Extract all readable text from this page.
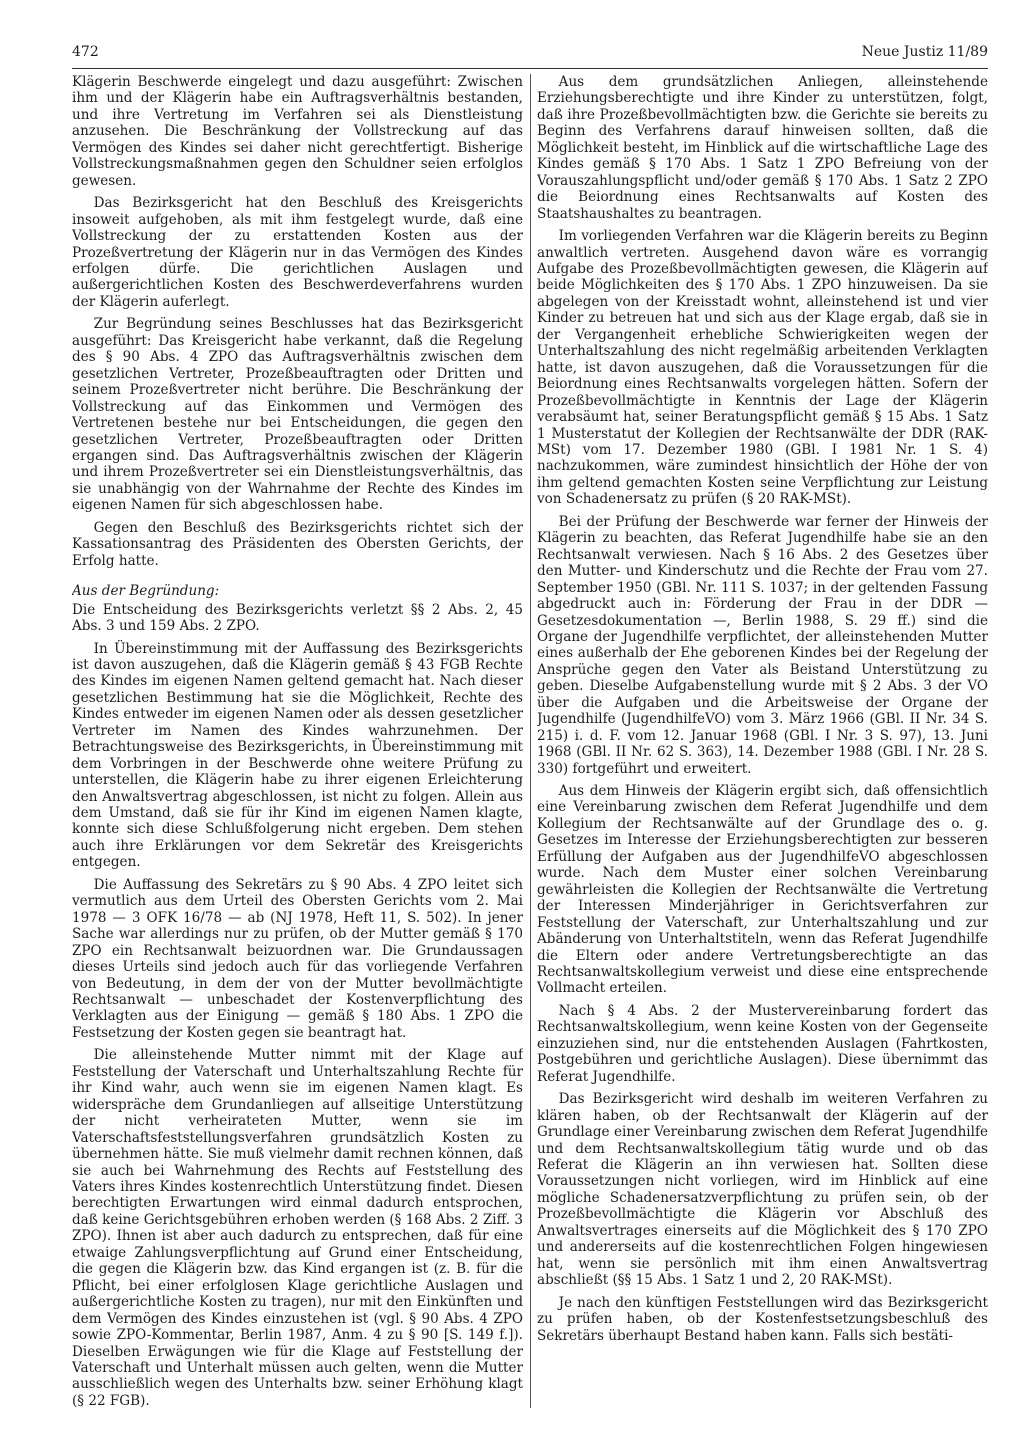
472	Neue Justiz 11/89

Klägerin Beschwerde eingelegt und dazu ausgeführt: Zwischen ihm und der Klägerin habe ein Auftragsverhältnis bestanden, und ihre Vertretung im Verfahren sei als Dienstleistung anzusehen. Die Beschränkung der Vollstreckung auf das Vermögen des Kindes sei daher nicht gerechtfertigt. Bisherige Vollstreckungsmaßnahmen gegen den Schuldner seien erfolglos gewesen.

Das Bezirksgericht hat den Beschluß des Kreisgerichts insoweit aufgehoben, als mit ihm festgelegt wurde, daß eine Vollstreckung der zu erstattenden Kosten aus der Prozeßvertretung der Klägerin nur in das Vermögen des Kindes erfolgen dürfe. Die gerichtlichen Auslagen und außergerichtlichen Kosten des Beschwerdeverfahrens wurden der Klägerin auferlegt.

Zur Begründung seines Beschlusses hat das Bezirksgericht ausgeführt: Das Kreisgericht habe verkannt, daß die Regelung des § 90 Abs. 4 ZPO das Auftragsverhältnis zwischen dem gesetzlichen Vertreter, Prozeßbeauftragten oder Dritten und seinem Prozeßvertreter nicht berühre. Die Beschränkung der Vollstreckung auf das Einkommen und Vermögen des Vertretenen bestehe nur bei Entscheidungen, die gegen den gesetzlichen Vertreter, Prozeßbeauftragten oder Dritten ergangen sind. Das Auftragsverhältnis zwischen der Klägerin und ihrem Prozeßvertreter sei ein Dienstleistungsverhältnis, das sie unabhängig von der Wahrnahme der Rechte des Kindes im eigenen Namen für sich abgeschlossen habe.

Gegen den Beschluß des Bezirksgerichts richtet sich der Kassationsantrag des Präsidenten des Obersten Gerichts, der Erfolg hatte.

Aus der Begründung:

Die Entscheidung des Bezirksgerichts verletzt §§ 2 Abs. 2, 45 Abs. 3 und 159 Abs. 2 ZPO.

In Übereinstimmung mit der Auffassung des Bezirksgerichts ist davon auszugehen, daß die Klägerin gemäß § 43 FGB Rechte des Kindes im eigenen Namen geltend gemacht hat. Nach dieser gesetzlichen Bestimmung hat sie die Möglichkeit, Rechte des Kindes entweder im eigenen Namen oder als dessen gesetzlicher Vertreter im Namen des Kindes wahrzunehmen. Der Betrachtungsweise des Bezirksgerichts, in Übereinstimmung mit dem Vorbringen in der Beschwerde ohne weitere Prüfung zu unterstellen, die Klägerin habe zu ihrer eigenen Erleichterung den Anwaltsvertrag abgeschlossen, ist nicht zu folgen. Allein aus dem Umstand, daß sie für ihr Kind im eigenen Namen klagte, konnte sich diese Schlußfolgerung nicht ergeben. Dem stehen auch ihre Erklärungen vor dem Sekretär des Kreisgerichts entgegen.

Die Auffassung des Sekretärs zu § 90 Abs. 4 ZPO leitet sich vermutlich aus dem Urteil des Obersten Gerichts vom 2. Mai 1978 — 3 OFK 16/78 — ab (NJ 1978, Heft 11, S. 502). In jener Sache war allerdings nur zu prüfen, ob der Mutter gemäß § 170 ZPO ein Rechtsanwalt beizuordnen war. Die Grundaussagen dieses Urteils sind jedoch auch für das vorliegende Verfahren von Bedeutung, in dem der von der Mutter bevollmächtigte Rechtsanwalt — unbeschadet der Kostenverpflichtung des Verklagten aus der Einigung — gemäß § 180 Abs. 1 ZPO die Festsetzung der Kosten gegen sie beantragt hat.

Die alleinstehende Mutter nimmt mit der Klage auf Feststellung der Vaterschaft und Unterhaltszahlung Rechte für ihr Kind wahr, auch wenn sie im eigenen Namen klagt. Es widerspräche dem Grundanliegen auf allseitige Unterstützung der nicht verheirateten Mutter, wenn sie im Vaterschaftsfeststellungsverfahren grundsätzlich Kosten zu übernehmen hätte. Sie muß vielmehr damit rechnen können, daß sie auch bei Wahrnehmung des Rechts auf Feststellung des Vaters ihres Kindes kostenrechtlich Unterstützung findet. Diesen berechtigten Erwartungen wird einmal dadurch entsprochen, daß keine Gerichtsgebühren erhoben werden (§ 168 Abs. 2 Ziff. 3 ZPO). Ihnen ist aber auch dadurch zu entsprechen, daß für eine etwaige Zahlungsverpflichtung auf Grund einer Entscheidung, die gegen die Klägerin bzw. das Kind ergangen ist (z. B. für die Pflicht, bei einer erfolglosen Klage gerichtliche Auslagen und außergerichtliche Kosten zu tragen), nur mit den Einkünften und dem Vermögen des Kindes einzustehen ist (vgl. § 90 Abs. 4 ZPO sowie ZPO-Kommentar, Berlin 1987, Anm. 4 zu § 90 [S. 149 f.]). Dieselben Erwägungen wie für die Klage auf Feststellung der Vaterschaft und Unterhalt müssen auch gelten, wenn die Mutter ausschließlich wegen des Unterhalts bzw. seiner Erhöhung klagt (§ 22 FGB).

Aus dem grundsätzlichen Anliegen, alleinstehende Erziehungsberechtigte und ihre Kinder zu unterstützen, folgt, daß ihre Prozeßbevollmächtigten bzw. die Gerichte sie bereits zu Beginn des Verfahrens darauf hinweisen sollten, daß die Möglichkeit besteht, im Hinblick auf die wirtschaftliche Lage des Kindes gemäß § 170 Abs. 1 Satz 1 ZPO Befreiung von der Vorauszahlungspflicht und/oder gemäß § 170 Abs. 1 Satz 2 ZPO die Beiordnung eines Rechtsanwalts auf Kosten des Staatshaushaltes zu beantragen.

Im vorliegenden Verfahren war die Klägerin bereits zu Beginn anwaltlich vertreten. Ausgehend davon wäre es vorrangig Aufgabe des Prozeßbevollmächtigten gewesen, die Klägerin auf beide Möglichkeiten des § 170 Abs. 1 ZPO hinzuweisen. Da sie abgelegen von der Kreisstadt wohnt, alleinstehend ist und vier Kinder zu betreuen hat und sich aus der Klage ergab, daß sie in der Vergangenheit erhebliche Schwierigkeiten wegen der Unterhaltszahlung des nicht regelmäßig arbeitenden Verklagten hatte, ist davon auszugehen, daß die Voraussetzungen für die Beiordnung eines Rechtsanwalts vorgelegen hätten. Sofern der Prozeßbevollmächtigte in Kenntnis der Lage der Klägerin verabsäumt hat, seiner Beratungspflicht gemäß § 15 Abs. 1 Satz 1 Musterstatut der Kollegien der Rechtsanwälte der DDR (RAK-MSt) vom 17. Dezember 1980 (GBl. I 1981 Nr. 1 S. 4) nachzukommen, wäre zumindest hinsichtlich der Höhe der von ihm geltend gemachten Kosten seine Verpflichtung zur Leistung von Schadenersatz zu prüfen (§ 20 RAK-MSt).

Bei der Prüfung der Beschwerde war ferner der Hinweis der Klägerin zu beachten, das Referat Jugendhilfe habe sie an den Rechtsanwalt verwiesen. Nach § 16 Abs. 2 des Gesetzes über den Mutter- und Kinderschutz und die Rechte der Frau vom 27. September 1950 (GBl. Nr. 111 S. 1037; in der geltenden Fassung abgedruckt auch in: Förderung der Frau in der DDR — Gesetzesdokumentation —, Berlin 1988, S. 29 ff.) sind die Organe der Jugendhilfe verpflichtet, der alleinstehenden Mutter eines außerhalb der Ehe geborenen Kindes bei der Regelung der Ansprüche gegen den Vater als Beistand Unterstützung zu geben. Dieselbe Aufgabenstellung wurde mit § 2 Abs. 3 der VO über die Aufgaben und die Arbeitsweise der Organe der Jugendhilfe (JugendhilfeVO) vom 3. März 1966 (GBl. II Nr. 34 S. 215) i. d. F. vom 12. Januar 1968 (GBl. I Nr. 3 S. 97), 13. Juni 1968 (GBl. II Nr. 62 S. 363), 14. Dezember 1988 (GBl. I Nr. 28 S. 330) fortgeführt und erweitert.

Aus dem Hinweis der Klägerin ergibt sich, daß offensichtlich eine Vereinbarung zwischen dem Referat Jugendhilfe und dem Kollegium der Rechtsanwälte auf der Grundlage des o. g. Gesetzes im Interesse der Erziehungsberechtigten zur besseren Erfüllung der Aufgaben aus der JugendhilfeVO abgeschlossen wurde. Nach dem Muster einer solchen Vereinbarung gewährleisten die Kollegien der Rechtsanwälte die Vertretung der Interessen Minderjähriger in Gerichtsverfahren zur Feststellung der Vaterschaft, zur Unterhaltszahlung und zur Abänderung von Unterhaltstiteln, wenn das Referat Jugendhilfe die Eltern oder andere Vertretungsberechtigte an das Rechtsanwaltskollegium verweist und diese eine entsprechende Vollmacht erteilen.

Nach § 4 Abs. 2 der Mustervereinbarung fordert das Rechtsanwaltskollegium, wenn keine Kosten von der Gegenseite einzuziehen sind, nur die entstehenden Auslagen (Fahrtkosten, Postgebühren und gerichtliche Auslagen). Diese übernimmt das Referat Jugendhilfe.

Das Bezirksgericht wird deshalb im weiteren Verfahren zu klären haben, ob der Rechtsanwalt der Klägerin auf der Grundlage einer Vereinbarung zwischen dem Referat Jugendhilfe und dem Rechtsanwaltskollegium tätig wurde und ob das Referat die Klägerin an ihn verwiesen hat. Sollten diese Voraussetzungen nicht vorliegen, wird im Hinblick auf eine mögliche Schadenersatzverpflichtung zu prüfen sein, ob der Prozeßbevollmächtigte die Klägerin vor Abschluß des Anwaltsvertrages einerseits auf die Möglichkeit des § 170 ZPO und andererseits auf die kostenrechtlichen Folgen hingewiesen hat, wenn sie persönlich mit ihm einen Anwaltsvertrag abschließt (§§ 15 Abs. 1 Satz 1 und 2, 20 RAK-MSt).

Je nach den künftigen Feststellungen wird das Bezirksgericht zu prüfen haben, ob der Kostenfestsetzungsbeschluß des Sekretärs überhaupt Bestand haben kann. Falls sich bestäti-
